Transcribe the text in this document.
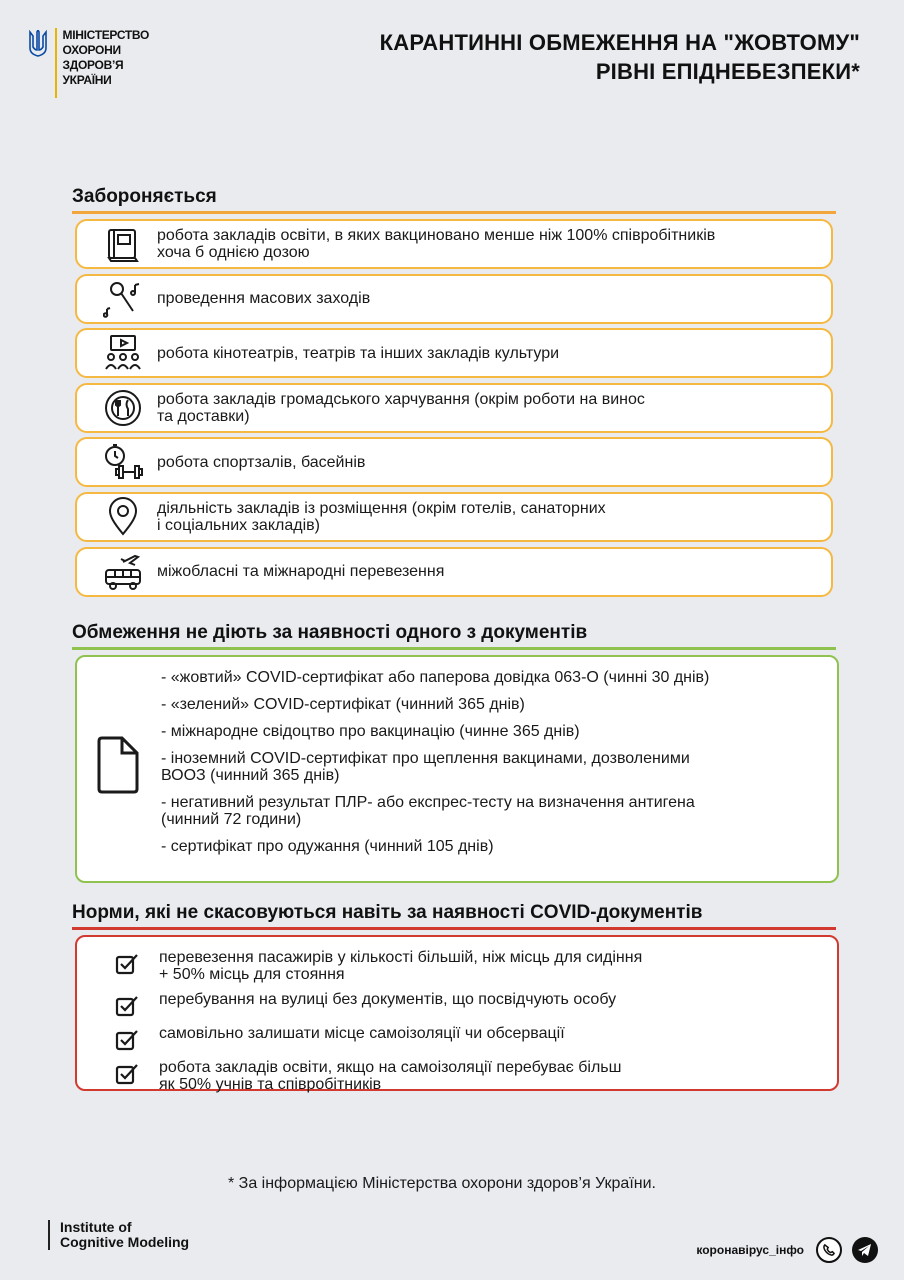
МІНІСТЕРСТВО
ОХОРОНИ
ЗДОРОВ’Я
УКРАЇНИ
КАРАНТИННІ ОБМЕЖЕННЯ НА "ЖОВТОМУ"
РІВНІ ЕПІДНЕБЕЗПЕКИ*
Забороняється
робота закладів освіти, в яких вакциновано менше ніж 100% співробітників
хоча б однією дозою
проведення масових заходів
робота кінотеатрів, театрів та інших закладів культури
робота закладів громадського харчування (окрім роботи на винос
та доставки)
робота спортзалів, басейнів
діяльність закладів із розміщення (окрім готелів, санаторних
і соціальних закладів)
міжобласні та міжнародні перевезення
Обмеження не діють за наявності одного з документів
- «жовтий» COVID-сертифікат або паперова довідка 063-О (чинні 30 днів)
- «зелений» COVID-сертифікат (чинний 365 днів)
- міжнародне свідоцтво про вакцинацію (чинне 365 днів)
- іноземний COVID-сертифікат про щеплення вакцинами, дозволеними
ВООЗ (чинний 365 днів)
- негативний результат ПЛР- або експрес-тесту на визначення антигена
(чинний 72 години)
- сертифікат про одужання (чинний 105 днів)
Норми, які не скасовуються навіть за наявності COVID-документів
перевезення пасажирів у кількості більшій, ніж місць для сидіння
+ 50% місць для стояння
перебування на вулиці без документів, що посвідчують особу
самовільно залишати місце самоізоляції чи обсервації
робота закладів освіти, якщо на самоізоляції перебуває більш
як 50% учнів та співробітників
* За інформацією Міністерства охорони здоров’я України.
Institute of
Cognitive Modeling	коронавірус_інфо
